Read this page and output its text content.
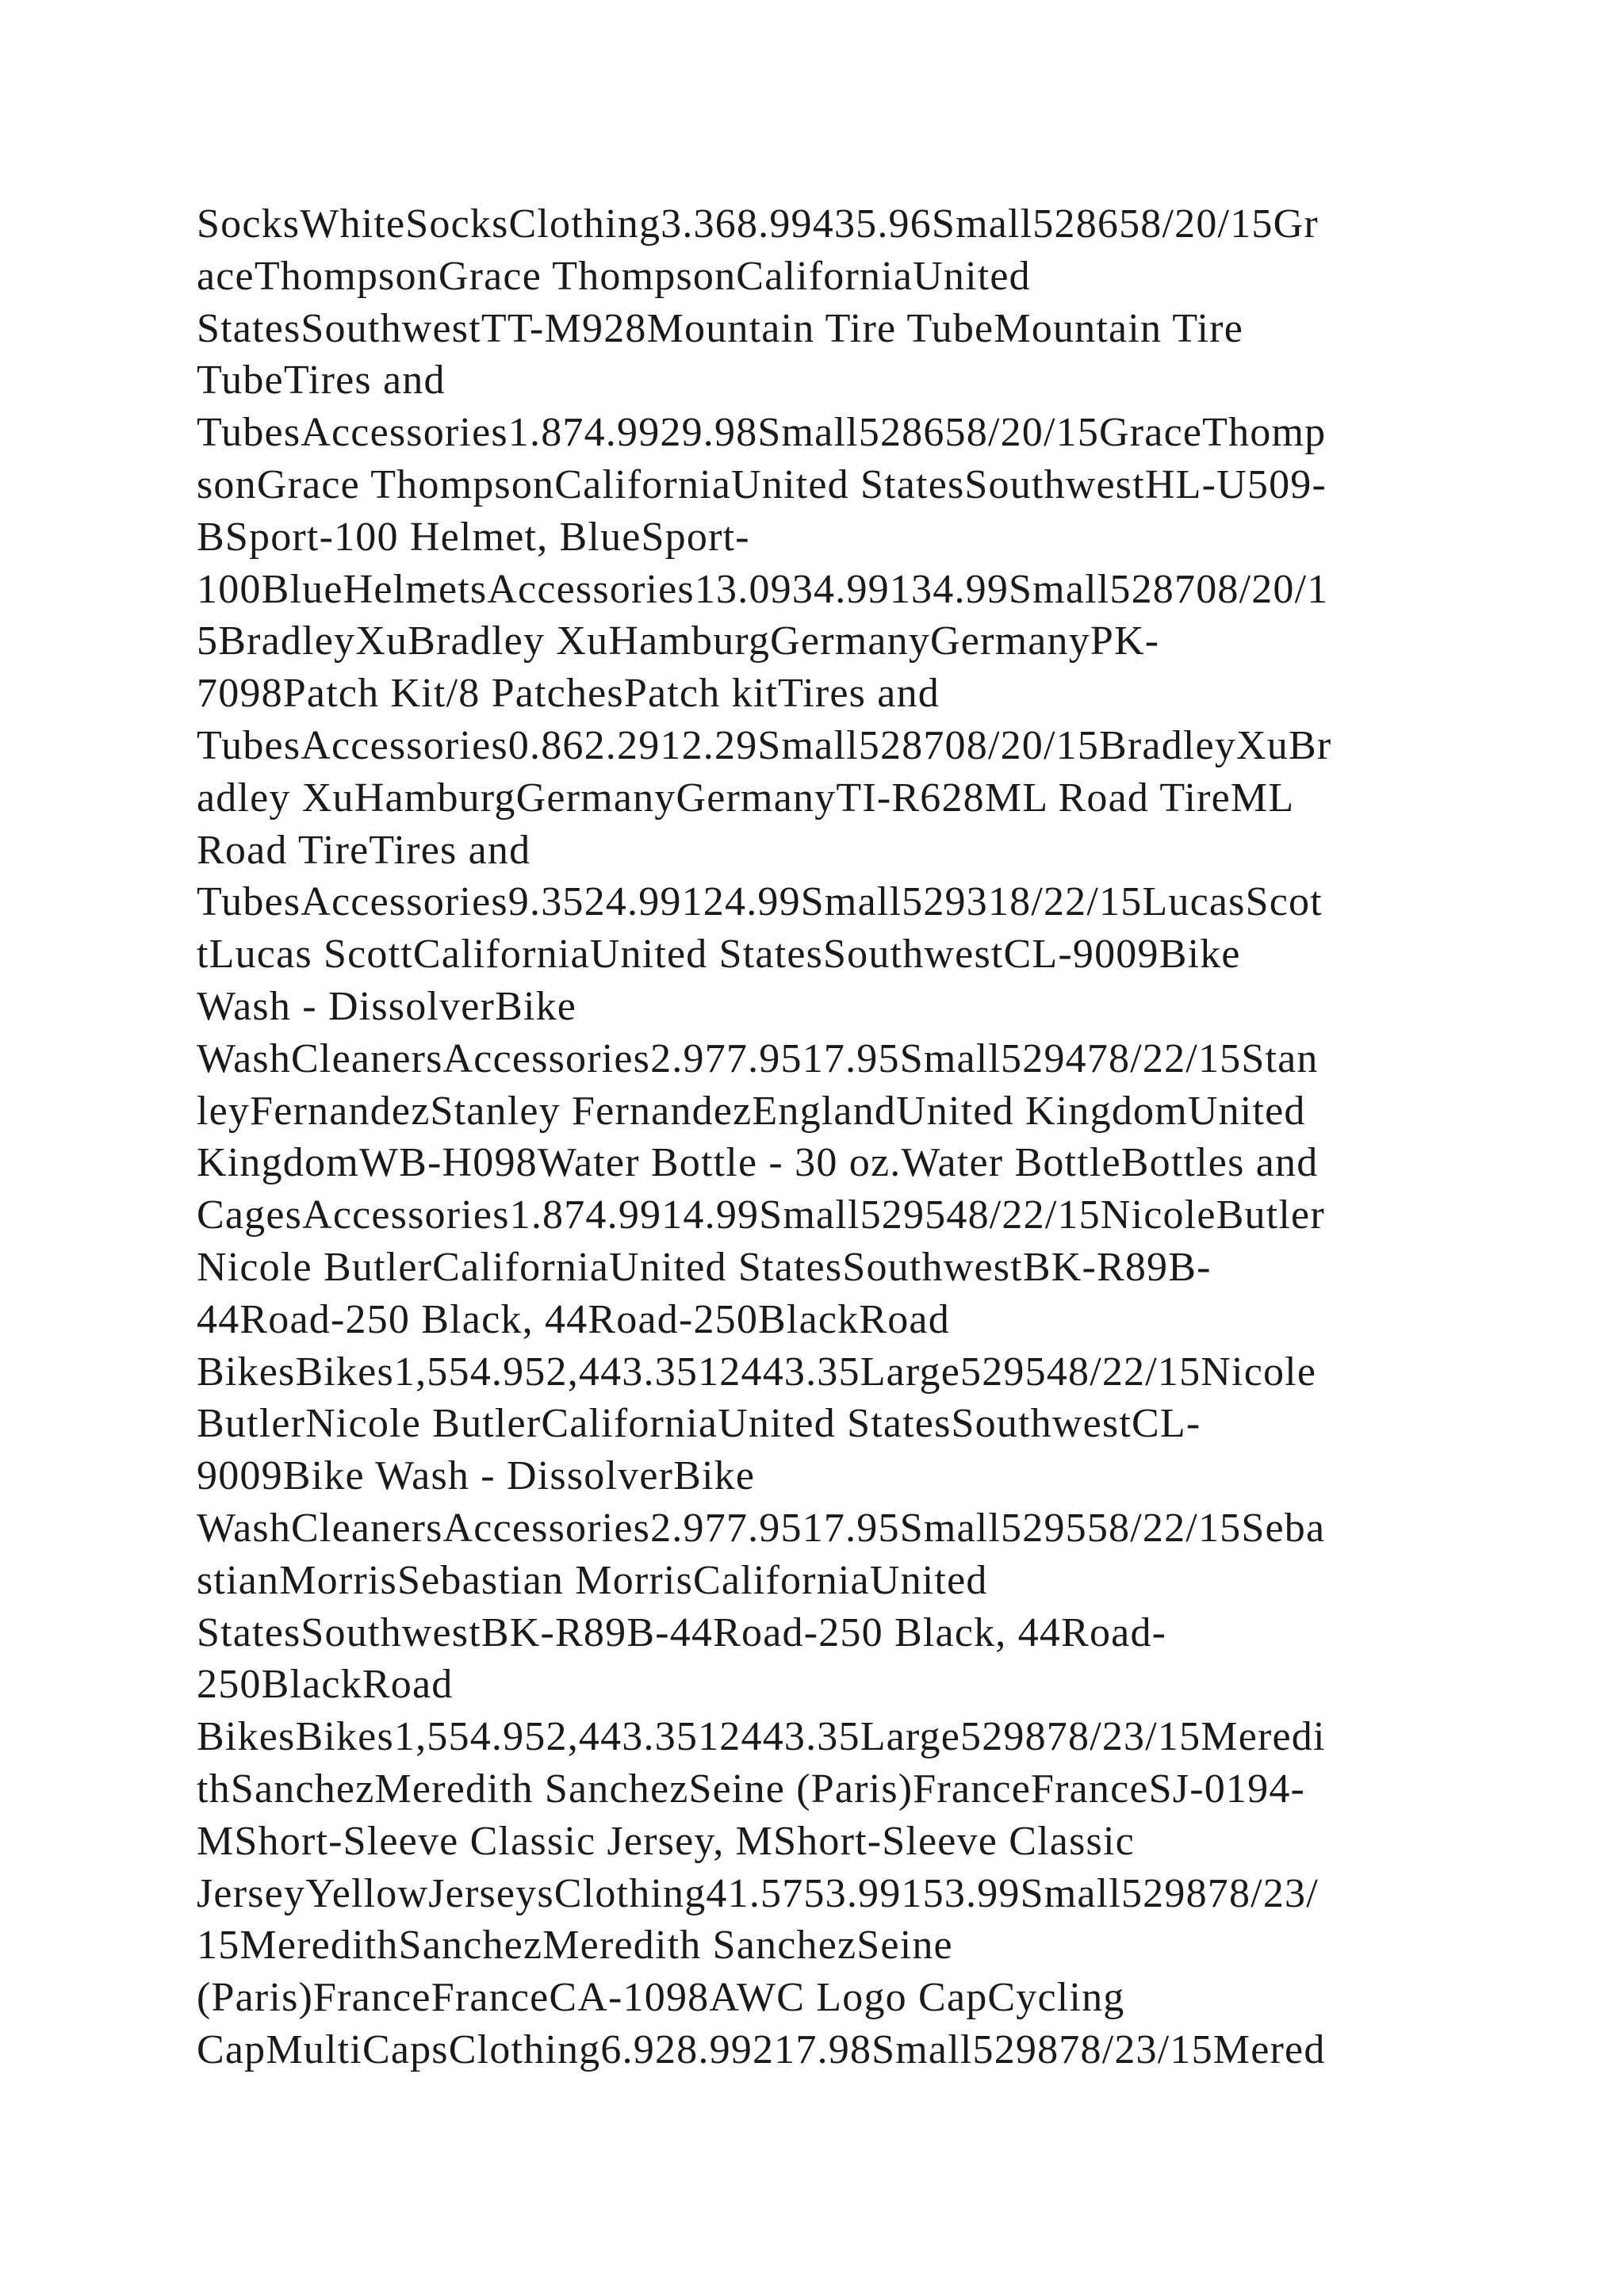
SocksWhiteSocksClothing3.368.99435.96Small528658/20/15Gr
aceThompsonGrace ThompsonCaliforniaUnited
StatesSouthwestTT-M928Mountain Tire TubeMountain Tire
TubeTires and
TubesAccessories1.874.9929.98Small528658/20/15GraceThomp
sonGrace ThompsonCaliforniaUnited StatesSouthwestHL-U509-
BSport-100 Helmet, BlueSport-
100BlueHelmetsAccessories13.0934.99134.99Small528708/20/1
5BradleyXuBradley XuHamburgGermanyGermanyPK-
7098Patch Kit/8 PatchesPatch kitTires and
TubesAccessories0.862.2912.29Small528708/20/15BradleyXuBr
adley XuHamburgGermanyGermanyTI-R628ML Road TireML
Road TireTires and
TubesAccessories9.3524.99124.99Small529318/22/15LucasScot
tLucas ScottCaliforniaUnited StatesSouthwestCL-9009Bike
Wash - DissolverBike
WashCleanersAccessories2.977.9517.95Small529478/22/15Stan
leyFernandezStanley FernandezEnglandUnited KingdomUnited
KingdomWB-H098Water Bottle - 30 oz.Water BottleBottles and
CagesAccessories1.874.9914.99Small529548/22/15NicoleButler
Nicole ButlerCaliforniaUnited StatesSouthwestBK-R89B-
44Road-250 Black, 44Road-250BlackRoad
BikesBikes1,554.952,443.3512443.35Large529548/22/15Nicole
ButlerNicole ButlerCaliforniaUnited StatesSouthwestCL-
9009Bike Wash - DissolverBike
WashCleanersAccessories2.977.9517.95Small529558/22/15Seba
stianMorrisSebastian MorrisCaliforniaUnited
StatesSouthwestBK-R89B-44Road-250 Black, 44Road-
250BlackRoad
BikesBikes1,554.952,443.3512443.35Large529878/23/15Meredi
thSanchezMeredith SanchezSeine (Paris)FranceFranceSJ-0194-
MShort-Sleeve Classic Jersey, MShort-Sleeve Classic
JerseyYellowJerseysClothing41.5753.99153.99Small529878/23/
15MeredithSanchezMeredith SanchezSeine
(Paris)FranceFranceCA-1098AWC Logo CapCycling
CapMultiCapsClothing6.928.99217.98Small529878/23/15Mered
